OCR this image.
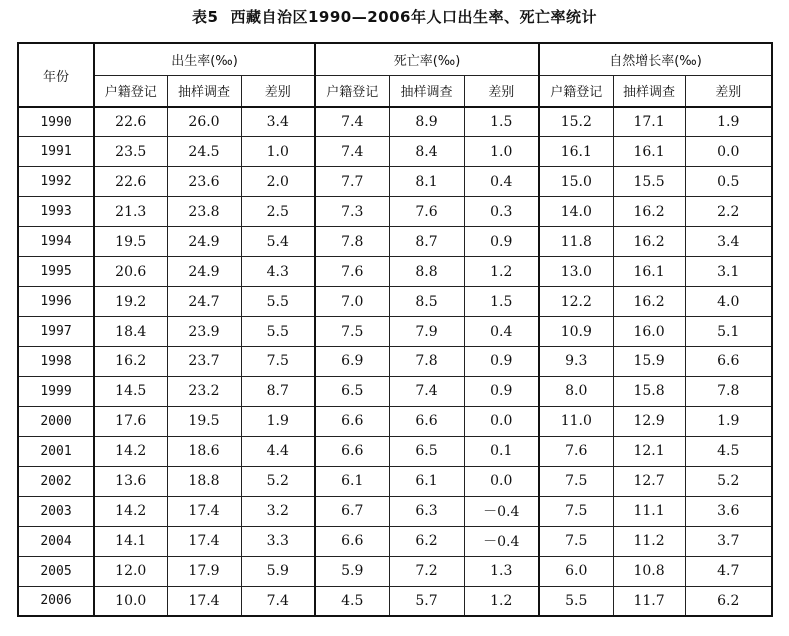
表5 西藏自治区1990—2006年人口出生率、死亡率统计
年份	出生率(‰)			死亡率(‰)			自然增长率(‰)		
	户籍登记	抽样调查	差别	户籍登记	抽样调查	差别	户籍登记	抽样调查	差别
1990	22.6	26.0	3.4	7.4	8.9	1.5	15.2	17.1	1.9
1991	23.5	24.5	1.0	7.4	8.4	1.0	16.1	16.1	0.0
1992	22.6	23.6	2.0	7.7	8.1	0.4	15.0	15.5	0.5
1993	21.3	23.8	2.5	7.3	7.6	0.3	14.0	16.2	2.2
1994	19.5	24.9	5.4	7.8	8.7	0.9	11.8	16.2	3.4
1995	20.6	24.9	4.3	7.6	8.8	1.2	13.0	16.1	3.1
1996	19.2	24.7	5.5	7.0	8.5	1.5	12.2	16.2	4.0
1997	18.4	23.9	5.5	7.5	7.9	0.4	10.9	16.0	5.1
1998	16.2	23.7	7.5	6.9	7.8	0.9	9.3	15.9	6.6
1999	14.5	23.2	8.7	6.5	7.4	0.9	8.0	15.8	7.8
2000	17.6	19.5	1.9	6.6	6.6	0.0	11.0	12.9	1.9
2001	14.2	18.6	4.4	6.6	6.5	0.1	7.6	12.1	4.5
2002	13.6	18.8	5.2	6.1	6.1	0.0	7.5	12.7	5.2
2003	14.2	17.4	3.2	6.7	6.3	－0.4	7.5	11.1	3.6
2004	14.1	17.4	3.3	6.6	6.2	－0.4	7.5	11.2	3.7
2005	12.0	17.9	5.9	5.9	7.2	1.3	6.0	10.8	4.7
2006	10.0	17.4	7.4	4.5	5.7	1.2	5.5	11.7	6.2
